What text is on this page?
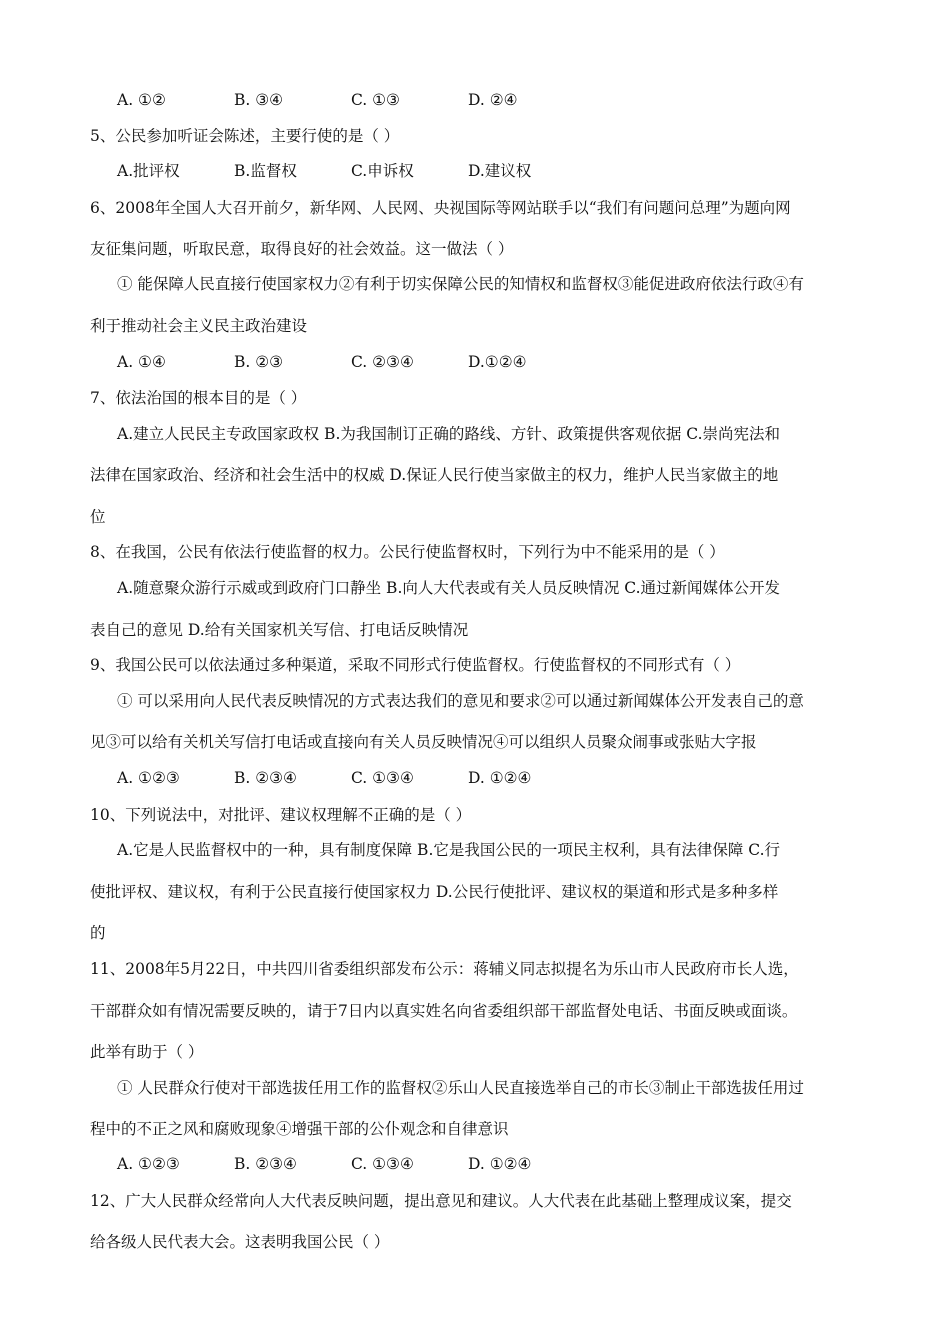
A. ①②	B. ③④	C. ①③	D. ②④
5、公民参加听证会陈述，主要行使的是（ ）
A.批评权	B.监督权	C.申诉权	D.建议权
6、2008年全国人大召开前夕，新华网、人民网、央视国际等网站联手以“我们有问题问总理”为题向网
友征集问题，听取民意，取得良好的社会效益。这一做法（ ）
① 能保障人民直接行使国家权力②有利于切实保障公民的知情权和监督权③能促进政府依法行政④有
利于推动社会主义民主政治建设
A. ①④	B. ②③	C. ②③④	D.①②④
7、依法治国的根本目的是（ ）
A.建立人民民主专政国家政权 B.为我国制订正确的路线、方针、政策提供客观依据 C.崇尚宪法和
法律在国家政治、经济和社会生活中的权威 D.保证人民行使当家做主的权力，维护人民当家做主的地
位
8、在我国，公民有依法行使监督的权力。公民行使监督权时，下列行为中不能采用的是（ ）
A.随意聚众游行示威或到政府门口静坐 B.向人大代表或有关人员反映情况 C.通过新闻媒体公开发
表自己的意见 D.给有关国家机关写信、打电话反映情况
9、我国公民可以依法通过多种渠道，采取不同形式行使监督权。行使监督权的不同形式有（ ）
① 可以采用向人民代表反映情况的方式表达我们的意见和要求②可以通过新闻媒体公开发表自己的意
见③可以给有关机关写信打电话或直接向有关人员反映情况④可以组织人员聚众闹事或张贴大字报
A. ①②③	B. ②③④	C. ①③④	D. ①②④
10、下列说法中，对批评、建议权理解不正确的是（ ）
A.它是人民监督权中的一种，具有制度保障 B.它是我国公民的一项民主权利，具有法律保障 C.行
使批评权、建议权，有利于公民直接行使国家权力 D.公民行使批评、建议权的渠道和形式是多种多样
的
11、2008年5月22日，中共四川省委组织部发布公示：蒋辅义同志拟提名为乐山市人民政府市长人选，
干部群众如有情况需要反映的，请于7日内以真实姓名向省委组织部干部监督处电话、书面反映或面谈。
此举有助于（ ）
① 人民群众行使对干部选拔任用工作的监督权②乐山人民直接选举自己的市长③制止干部选拔任用过
程中的不正之风和腐败现象④增强干部的公仆观念和自律意识
A. ①②③	B. ②③④	C. ①③④	D. ①②④
12、广大人民群众经常向人大代表反映问题，提出意见和建议。人大代表在此基础上整理成议案，提交
给各级人民代表大会。这表明我国公民（ ）
